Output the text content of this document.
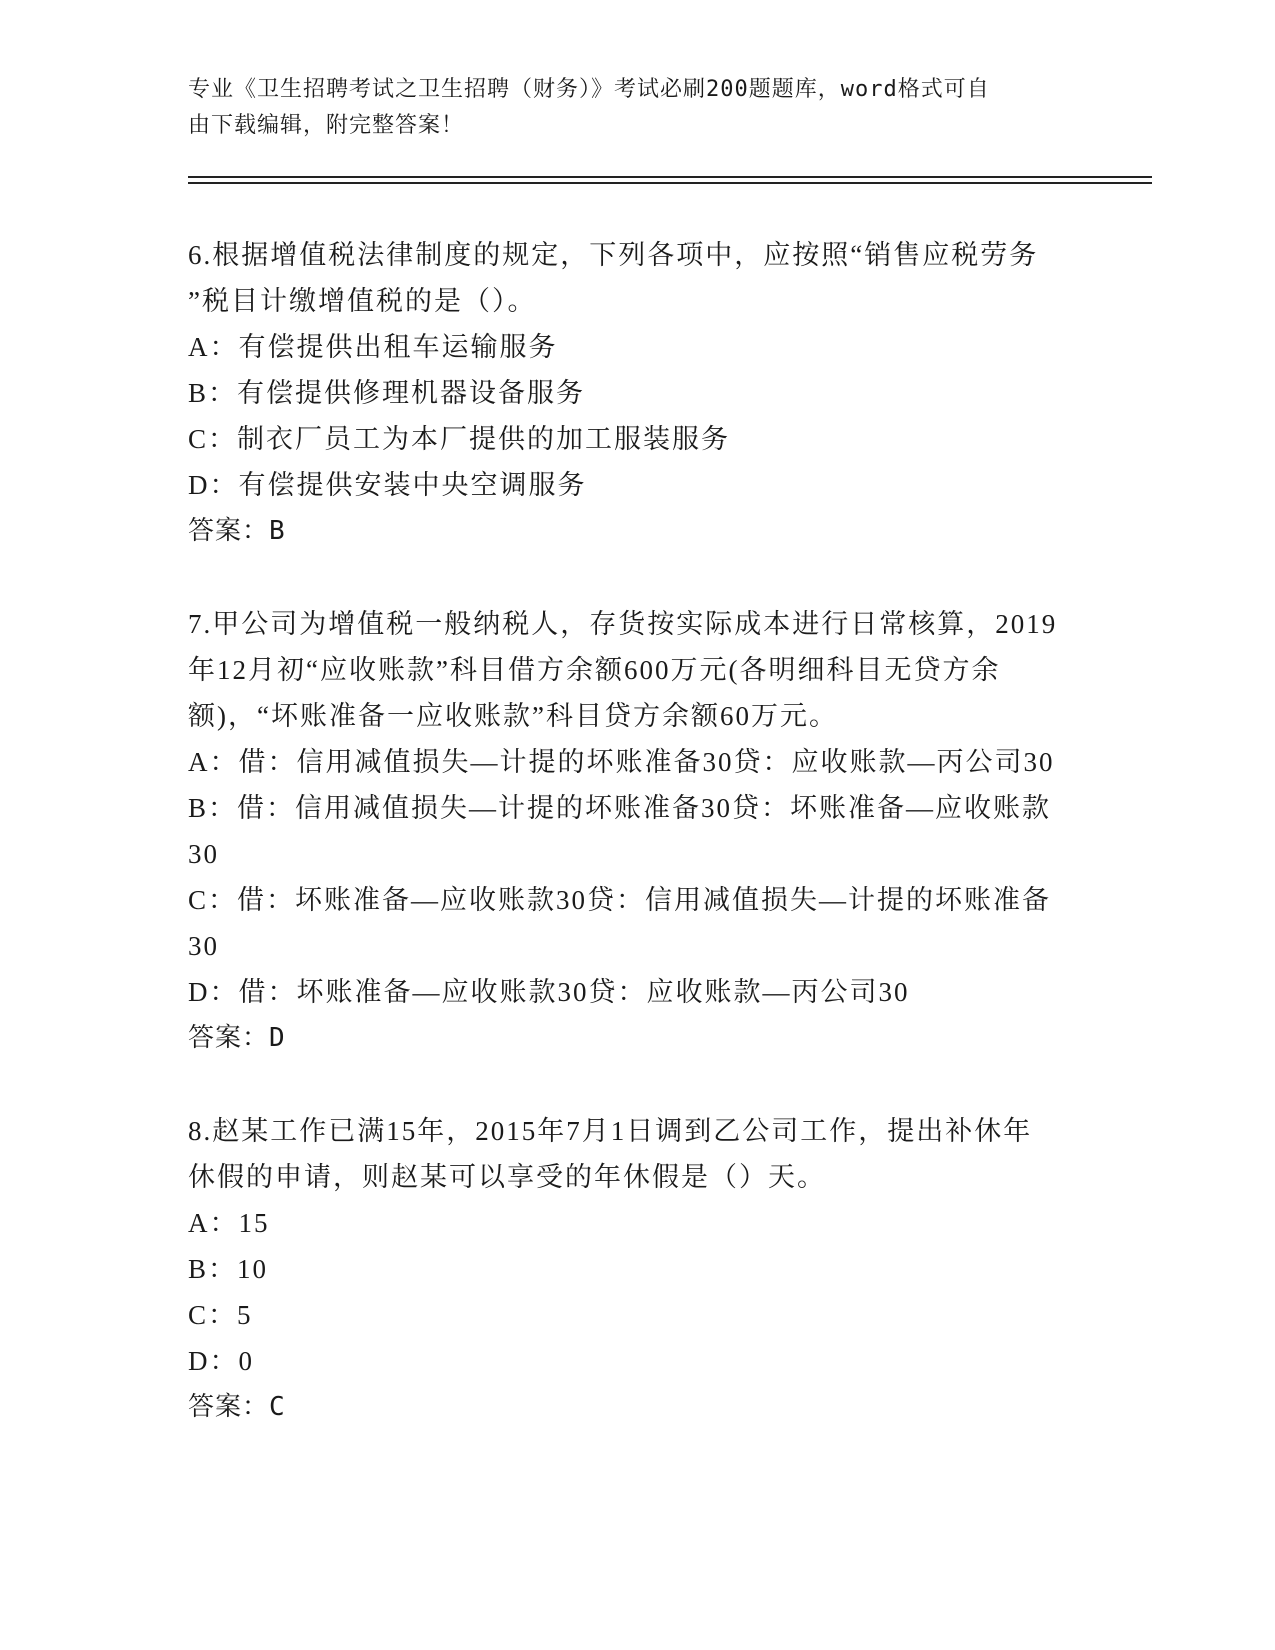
专业《卫生招聘考试之卫生招聘（财务）》考试必刷200题题库，word格式可自
由下载编辑，附完整答案！
6.根据增值税法律制度的规定，下列各项中，应按照“销售应税劳务
”税目计缴增值税的是（）。
A：有偿提供出租车运输服务
B：有偿提供修理机器设备服务
C：制衣厂员工为本厂提供的加工服装服务
D：有偿提供安装中央空调服务
答案：B
7.甲公司为增值税一般纳税人，存货按实际成本进行日常核算，2019
年12月初“应收账款”科目借方余额600万元(各明细科目无贷方余
额)，“坏账准备一应收账款”科目贷方余额60万元。
A：借：信用减值损失—计提的坏账准备30贷：应收账款—丙公司30
B：借：信用减值损失—计提的坏账准备30贷：坏账准备—应收账款
30
C：借：坏账准备—应收账款30贷：信用减值损失—计提的坏账准备
30
D：借：坏账准备—应收账款30贷：应收账款—丙公司30
答案：D
8.赵某工作已满15年，2015年7月1日调到乙公司工作，提出补休年
休假的申请，则赵某可以享受的年休假是（）天。
A：15
B：10
C：5
D：0
答案：C
